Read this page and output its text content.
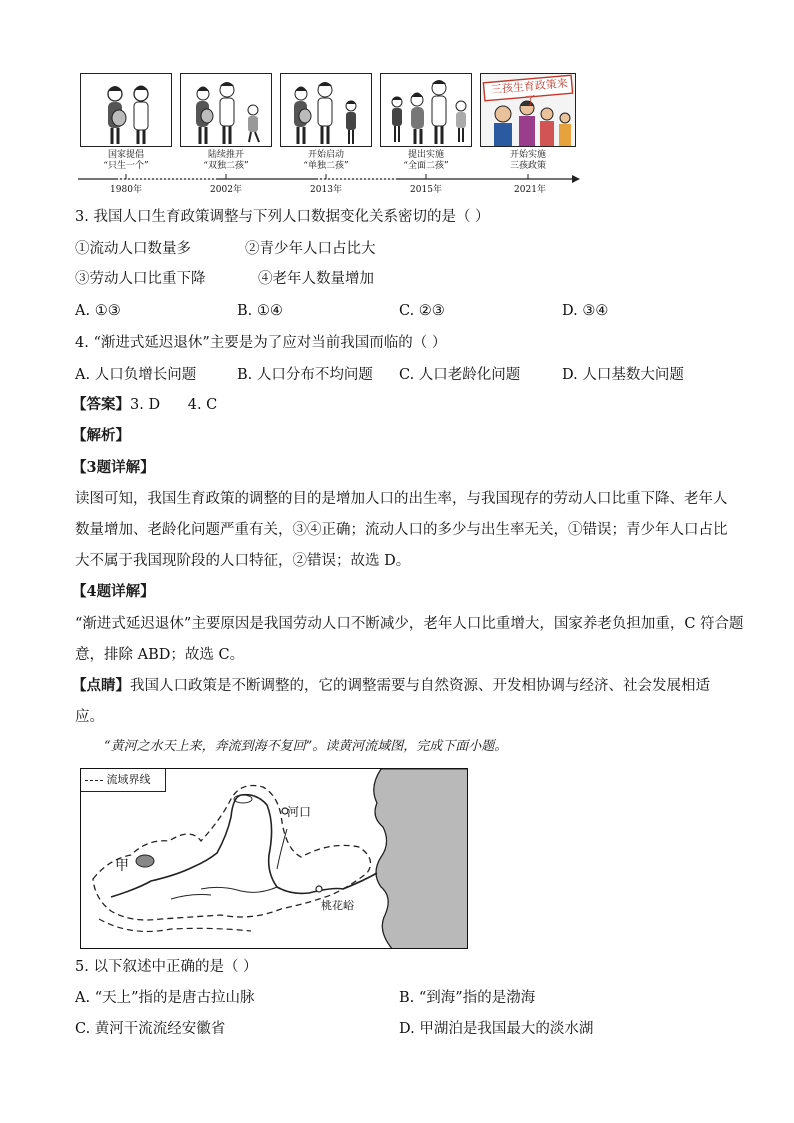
三孩生育政策来了
国家提倡
“只生一个”
陆续推开
“双独二孩”
开始启动
“单独二孩”
提出实施
“全面二孩”
开始实施
三孩政策
1980年	2002年	2013年	2015年	2021年
3. 我国人口生育政策调整与下列人口数据变化关系密切的是（ ）
①流动人口数量多	②青少年人口占比大
③劳动人口比重下降	④老年人数量增加
A. ①③	B. ①④	C. ②③	D. ③④
4. “渐进式延迟退休”主要是为了应对当前我国而临的（ ）
A. 人口负增长问题	B. 人口分布不均问题 C. 人口老龄化问题	D. 人口基数大问题
【答案】3. D      4. C
【解析】
【3题详解】
读图可知，我国生育政策的调整的目的是增加人口的出生率，与我国现存的劳动人口比重下降、老年人
数量增加、老龄化问题严重有关，③④正确；流动人口的多少与出生率无关，①错误；青少年人口占比
大不属于我国现阶段的人口特征，②错误；故选 D。
【4题详解】
“渐进式延迟退休”主要原因是我国劳动人口不断减少，老年人口比重增大，国家养老负担加重，C 符合题
意，排除 ABD；故选 C。
【点睛】我国人口政策是不断调整的，它的调整需要与自然资源、开发相协调与经济、社会发展相适
应。
“黄河之水天上来，奔流到海不复回”。读黄河流域图，完成下面小题。
流域界线
河口
甲
桃花峪
5. 以下叙述中正确的是（ ）
A. “天上”指的是唐古拉山脉	B. “到海”指的是渤海
C. 黄河干流流经安徽省	D. 甲湖泊是我国最大的淡水湖
